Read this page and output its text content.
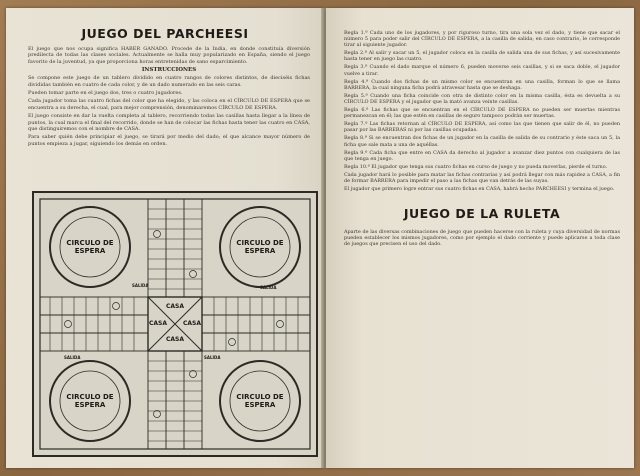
JUEGO DEL PARCHEESI

El juego que nos ocupa significa HABER GANADO. Procede de la India, en donde constituía diversión predilecta de todas las clases sociales. Actualmente se halla muy popularizado en España, siendo el juego favorito de la juventud, ya que proporciona horas entretenidas de sano esparcimiento.

INSTRUCCIONES

Se compone este juego de un tablero dividido en cuatro rangos de colores distintos, de dieciséis fichas divididas también en cuatro de cada color, y de un dado numerado en las seis caras.

Pueden tomar parte en el juego dos, tres o cuatro jugadores.

Cada jugador toma las cuatro fichas del color que ha elegido, y las coloca en el CÍRCULO DE ESPERA que se encuentra a su derecha, el cual, para mejor comprensión, denominaremos CÍRCULO DE ESPERA.

El juego consiste en dar la vuelta completa al tablero, recorriendo todas las casillas hasta llegar a la línea de puntos, la cual marca el final del recorrido, donde se han de colocar las fichas hasta tener las cuatro en CASA, que distinguiremos con el nombre de CASA.

Para saber quién debe principiar el juego, se tirará por medio del dado; el que alcance mayor número de puntos empieza a jugar, siguiendo los demás en orden.

CIRCULO DE ESPERA
CIRCULO DE ESPERA
CIRCULO DE ESPERA
CIRCULO DE ESPERA
CASA
CASA	CASA
CASA
SALIDA	SALIDA
SALIDA	SALIDA

Regla 1.ª Cada uno de los jugadores, y por riguroso turno, tira una sola vez el dado, y tiene que sacar el número 5 para poder salir del CÍRCULO DE ESPERA, a la casilla de salida; en caso contrario, le corresponde tirar al siguiente jugador.

Regla 2.ª Al salir y sacar un 5, el jugador coloca en la casilla de salida una de sus fichas, y así sucesivamente hasta tener en juego las cuatro.

Regla 3.ª Cuando el dado marque el número 6, pueden moverse seis casillas, y si se saca doble, el jugador vuelve a tirar.

Regla 4.ª Cuando dos fichas de un mismo color se encuentran en una casilla, forman lo que se llama BARRERA, la cual ninguna ficha podrá atravesar hasta que se deshaga.

Regla 5.ª Cuando una ficha coincide con otra de distinto color en la misma casilla, ésta es devuelta a su CÍRCULO DE ESPERA y el jugador que la mató avanza veinte casillas.

Regla 6.ª Las fichas que se encuentran en el CÍRCULO DE ESPERA no pueden ser muertas mientras permanezcan en él; las que estén en casillas de seguro tampoco podrán ser muertas.

Regla 7.ª Las fichas retornan al CÍRCULO DE ESPERA, así como las que tienen que salir de él, no pueden pasar por las BARRERAS ni por las casillas ocupadas.

Regla 8.ª Si se encuentran dos fichas de un jugador en la casilla de salida de su contrario y éste saca un 5, la ficha que sale mata a una de aquéllas.

Regla 9.ª Cada ficha que entre en CASA da derecho al jugador a avanzar diez puntos con cualquiera de las que tenga en juego.

Regla 10.ª El jugador que tenga sus cuatro fichas en curso de juego y no pueda moverlas, pierde el turno.

Cada jugador hará lo posible para matar las fichas contrarias y así podrá llegar con más rapidez a CASA, a fin de formar BARRERA para impedir el paso a las fichas que van detrás de las suyas.

El jugador que primero logre entrar sus cuatro fichas en CASA, habrá hecho PARCHEESI y termina el juego.

JUEGO DE LA RULETA

Aparte de las diversas combinaciones de juego que pueden hacerse con la ruleta y cuya diversidad de normas pueden establecer los mismos jugadores, como por ejemplo el dado corriente y puede aplicarse a toda clase de juegos que precisen el uso del dado.
